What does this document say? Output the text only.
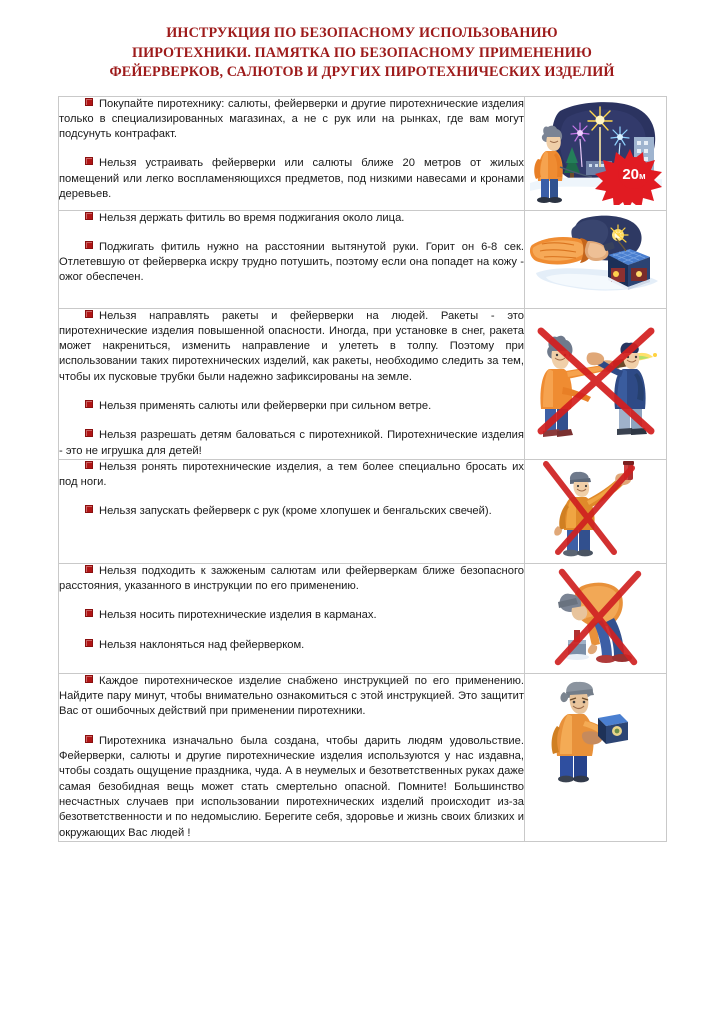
ИНСТРУКЦИЯ ПО БЕЗОПАСНОМУ ИСПОЛЬЗОВАНИЮ
ПИРОТЕХНИКИ. ПАМЯТКА ПО БЕЗОПАСНОМУ ПРИМЕНЕНИЮ
ФЕЙЕРВЕРКОВ, САЛЮТОВ И ДРУГИХ ПИРОТЕХНИЧЕСКИХ ИЗДЕЛИЙ

Покупайте пиротехнику: салюты, фейерверки и другие пиротехнические изделия только в специализированных магазинах, а не с рук или на рынках, где вам могут подсунуть контрафакт.

Нельзя устраивать фейерверки или салюты ближе 20 метров от жилых помещений или легко воспламеняющихся предметов, под низкими навесами и кронами деревьев.	20м

Нельзя держать фитиль во время поджигания около лица.

Поджигать фитиль нужно на расстоянии вытянутой руки. Горит он 6-8 сек. Отлетевшую от фейерверка искру трудно потушить, поэтому если она попадет на кожу - ожог обеспечен.

Нельзя направлять ракеты и фейерверки на людей. Ракеты - это пиротехнические изделия повышенной опасности. Иногда, при установке в снег, ракета может накрениться, изменить направление и улететь в толпу. Поэтому при использовании таких пиротехнических изделий, как ракеты, необходимо следить за тем, чтобы их пусковые трубки были надежно зафиксированы на земле.

Нельзя применять салюты или фейерверки при сильном ветре.

Нельзя разрешать детям баловаться с пиротехникой. Пиротехнические изделия - это не игрушка для детей!

Нельзя ронять пиротехнические изделия, а тем более специально бросать их под ноги.

Нельзя запускать фейерверк с рук (кроме хлопушек и бенгальских свечей).

Нельзя подходить к зажженым салютам или фейерверкам ближе безопасного расстояния, указанного в инструкции по его применению.

Нельзя носить пиротехнические изделия в карманах.

Нельзя наклоняться над фейерверком.

Каждое пиротехническое изделие снабжено инструкцией по его применению. Найдите пару минут, чтобы внимательно ознакомиться с этой инструкцией. Это защитит Вас от ошибочных действий при применении пиротехники.

Пиротехника изначально была создана, чтобы дарить людям удовольствие. Фейерверки, салюты и другие пиротехнические изделия используются у нас издавна, чтобы создать ощущение праздника, чуда. А в неумелых и безответственных руках даже самая безобидная вещь может стать смертельно опасной. Помните! Большинство несчастных случаев при использовании пиротехнических изделий происходит из-за безответственности и по недомыслию. Берегите себя, здоровье и жизнь своих близких и окружающих Вас людей !
